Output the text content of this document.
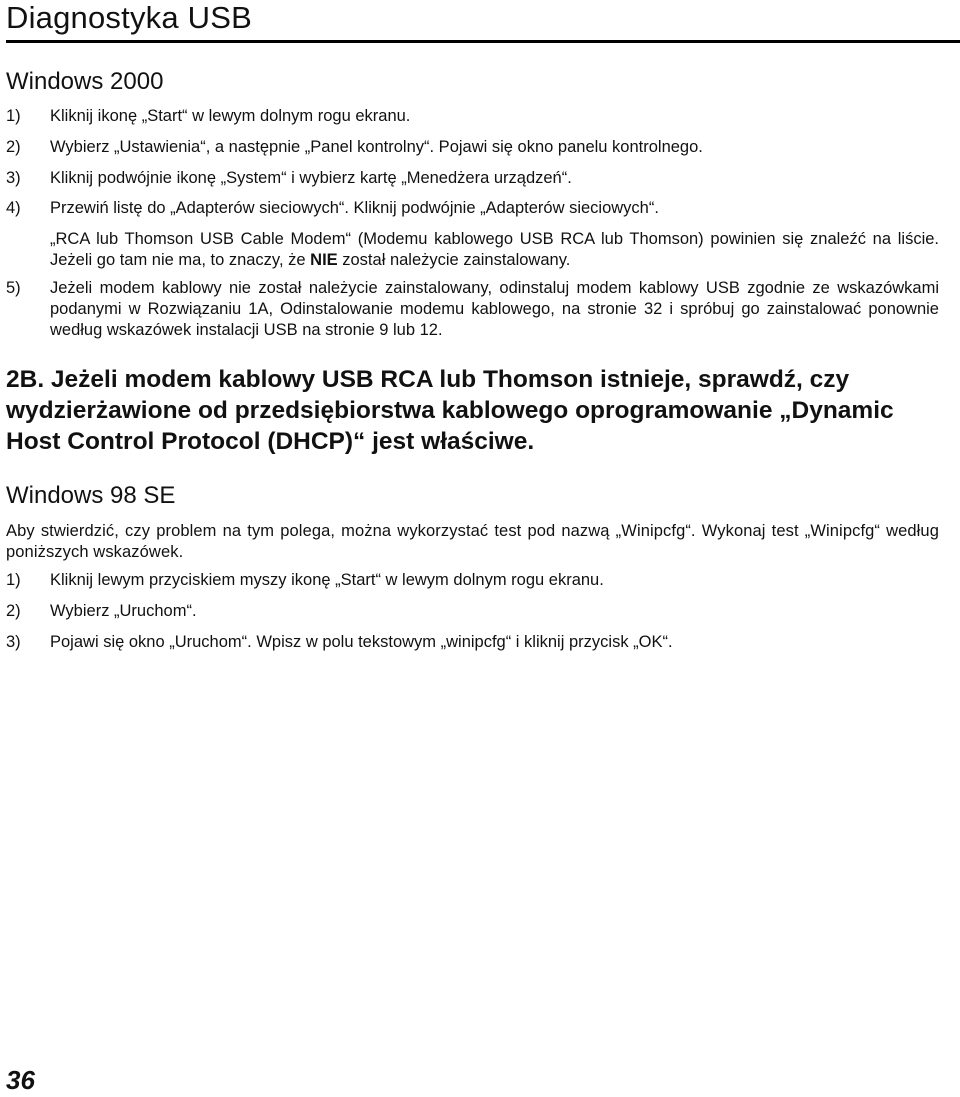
Diagnostyka USB
Windows 2000

1) Kliknij ikonę „Start“ w lewym dolnym rogu ekranu.

2) Wybierz „Ustawienia“, a następnie „Panel kontrolny“. Pojawi się okno panelu kontrolnego.

3) Kliknij podwójnie ikonę „System“ i wybierz kartę „Menedżera urządzeń“.

4) Przewiń listę do „Adapterów sieciowych“. Kliknij podwójnie „Adapterów sieciowych“.

„RCA lub Thomson USB Cable Modem“ (Modemu kablowego USB RCA lub Thomson) powinien się znaleźć na liście. Jeżeli go tam nie ma, to znaczy, że NIE został należycie zainstalowany.

5) Jeżeli modem kablowy nie został należycie zainstalowany, odinstaluj modem kablowy USB zgodnie ze wskazówkami podanymi w Rozwiązaniu 1A, Odinstalowanie modemu kablowego, na stronie 32 i spróbuj go zainstalować ponownie według wskazówek instalacji USB na stronie 9 lub 12.

2B. Jeżeli modem kablowy USB RCA lub Thomson istnieje, sprawdź, czy wydzierżawione od przedsiębiorstwa kablowego oprogramowanie „Dynamic Host Control Protocol (DHCP)“ jest właściwe.

Windows 98 SE

Aby stwierdzić, czy problem na tym polega, można wykorzystać test pod nazwą „Winipcfg“. Wykonaj test „Winipcfg“ według poniższych wskazówek.

1) Kliknij lewym przyciskiem myszy ikonę „Start“ w lewym dolnym rogu ekranu.

2) Wybierz „Uruchom“.

3) Pojawi się okno „Uruchom“. Wpisz w polu tekstowym „winipcfg“ i kliknij przycisk „OK“.

36
